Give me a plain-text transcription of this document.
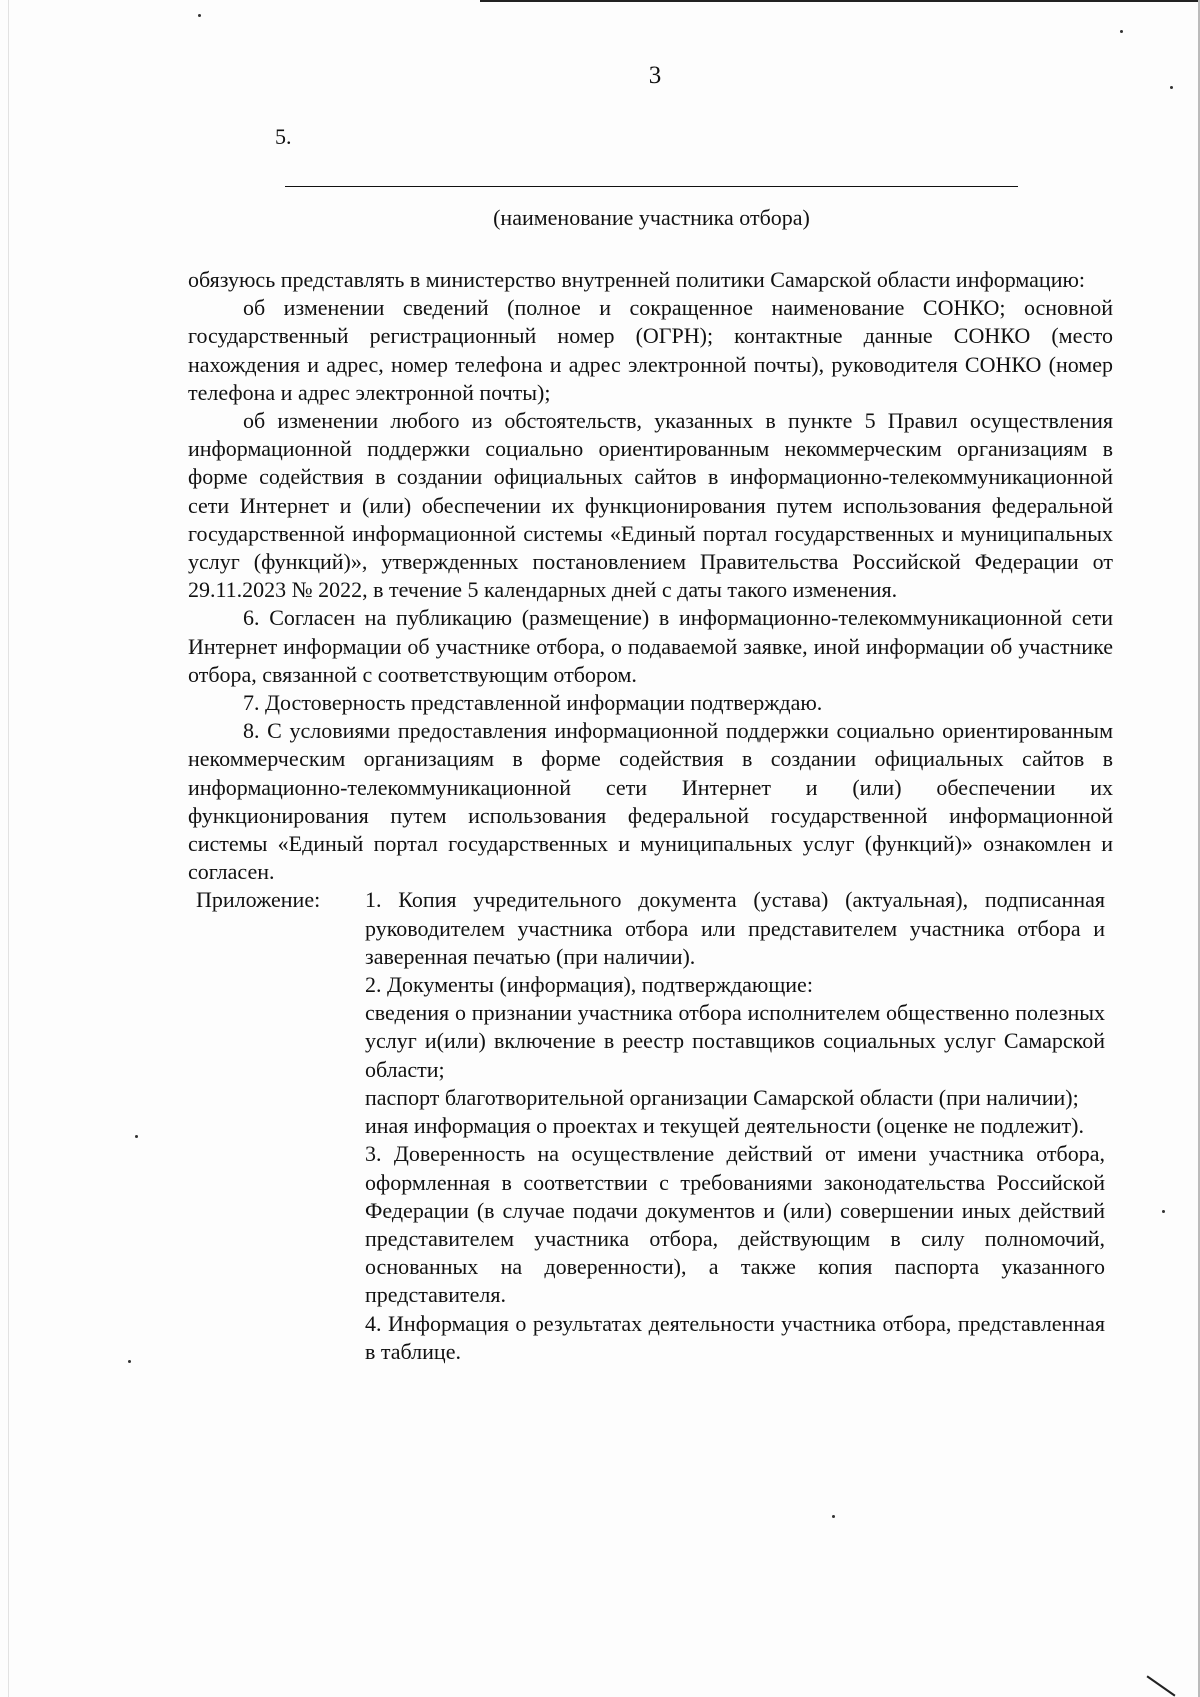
3
5.
(наименование участника отбора)

обязуюсь представлять в министерство внутренней политики Самарской области информацию:

об изменении сведений (полное и сокращенное наименование СОНКО; основной государственный регистрационный номер (ОГРН); контактные данные СОНКО (место нахождения и адрес, номер телефона и адрес электронной почты), руководителя СОНКО (номер телефона и адрес электронной почты);

об изменении любого из обстоятельств, указанных в пункте 5 Правил осуществления информационной поддержки социально ориентированным некоммерческим организациям в форме содействия в создании официальных сайтов в информационно-телекоммуникационной сети Интернет и (или) обеспечении их функционирования путем использования федеральной государственной информационной системы «Единый портал государственных и муниципальных услуг (функций)», утвержденных постановлением Правительства Российской Федерации от 29.11.2023 № 2022, в течение 5 календарных дней с даты такого изменения.

6. Согласен на публикацию (размещение) в информационно-телекоммуникационной сети Интернет информации об участнике отбора, о подаваемой заявке, иной информации об участнике отбора, связанной с соответствующим отбором.

7. Достоверность представленной информации подтверждаю.

8. С условиями предоставления информационной поддержки социально ориентированным некоммерческим организациям в форме содействия в создании официальных сайтов в информационно-телекоммуникационной сети Интернет и (или) обеспечении их функционирования путем использования федеральной государственной информационной системы «Единый портал государственных и муниципальных услуг (функций)» ознакомлен и согласен.

Приложение:	1. Копия учредительного документа (устава) (актуальная), подписанная руководителем участника отбора или представителем участника отбора и заверенная печатью (при наличии).

2. Документы (информация), подтверждающие:

сведения о признании участника отбора исполнителем общественно полезных услуг и(или) включение в реестр поставщиков социальных услуг Самарской области;

паспорт благотворительной организации Самарской области (при наличии);

иная информация о проектах и текущей деятельности (оценке не подлежит).

3. Доверенность на осуществление действий от имени участника отбора, оформленная в соответствии с требованиями законодательства Российской Федерации (в случае подачи документов и (или) совершении иных действий представителем участника отбора, действующим в силу полномочий, основанных на доверенности), а также копия паспорта указанного представителя.

4. Информация о результатах деятельности участника отбора, представленная в таблице.
